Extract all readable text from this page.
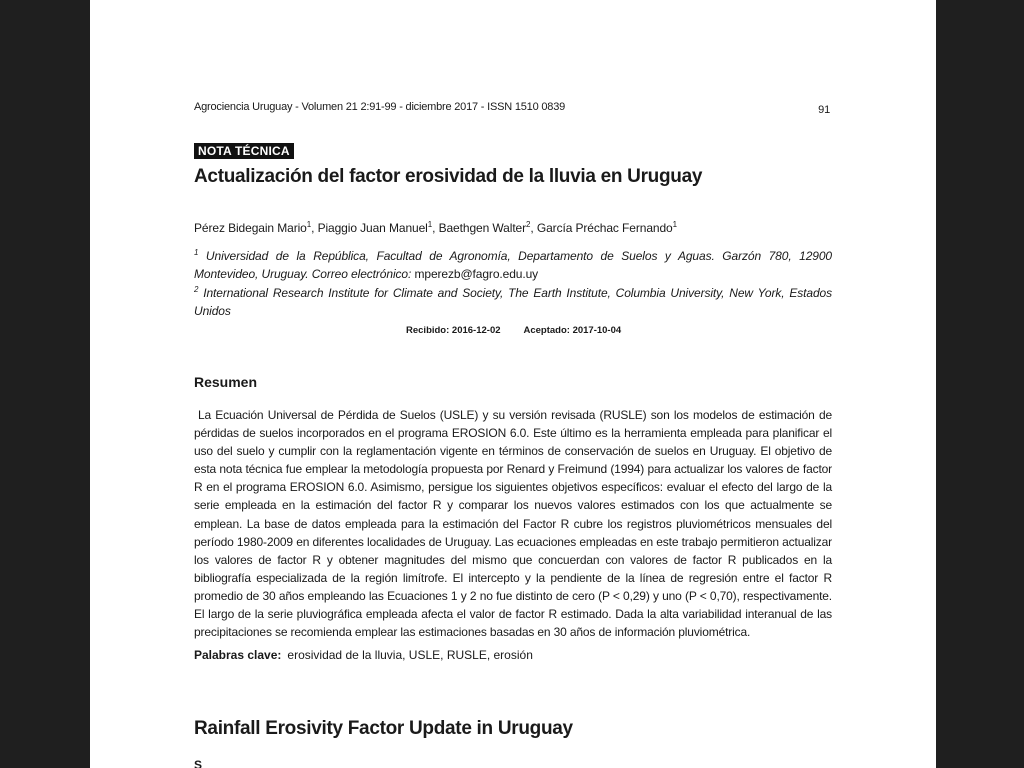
Agrociencia Uruguay - Volumen 21 2:91-99 - diciembre 2017 - ISSN 1510 0839	91
NOTA TÉCNICA
Actualización del factor erosividad de la lluvia en Uruguay
Pérez Bidegain Mario$^1$, Piaggio Juan Manuel$^1$, Baethgen Walter$^2$, García Préchac Fernando$^1$
$^1$ Universidad de la República, Facultad de Agronomía, Departamento de Suelos y Aguas. Garzón 780, 12900 Montevideo, Uruguay. Correo electrónico: mperezb@fagro.edu.uy
$^2$ International Research Institute for Climate and Society, The Earth Institute, Columbia University, New York, Estados Unidos
Recibido: 2016-12-02 Aceptado: 2017-10-04
Resumen
La Ecuación Universal de Pérdida de Suelos (USLE) y su versión revisada (RUSLE) son los modelos de estimación de pérdidas de suelos incorporados en el programa EROSION 6.0. Este último es la herramienta empleada para planificar el uso del suelo y cumplir con la reglamentación vigente en términos de conservación de suelos en Uruguay. El objetivo de esta nota técnica fue emplear la metodología propuesta por Renard y Freimund (1994) para actualizar los valores de factor R en el programa EROSION 6.0. Asimismo, persigue los siguientes objetivos específicos: evaluar el efecto del largo de la serie empleada en la estimación del factor R y comparar los nuevos valores estimados con los que actualmente se emplean. La base de datos empleada para la estimación del Factor R cubre los registros pluviométricos mensuales del período 1980-2009 en diferentes localidades de Uruguay. Las ecuaciones empleadas en este trabajo permitieron actualizar los valores de factor R y obtener magnitudes del mismo que concuerdan con valores de factor R publicados en la bibliografía especializada de la región limítrofe. El intercepto y la pendiente de la línea de regresión entre el factor R promedio de 30 años empleando las Ecuaciones 1 y 2 no fue distinto de cero (P < 0,29) y uno (P < 0,70), respectivamente. El largo de la serie pluviográfica empleada afecta el valor de factor R estimado. Dada la alta variabilidad interanual de las precipitaciones se recomienda emplear las estimaciones basadas en 30 años de información pluviométrica.
Palabras clave: erosividad de la lluvia, USLE, RUSLE, erosión
Rainfall Erosivity Factor Update in Uruguay
S
